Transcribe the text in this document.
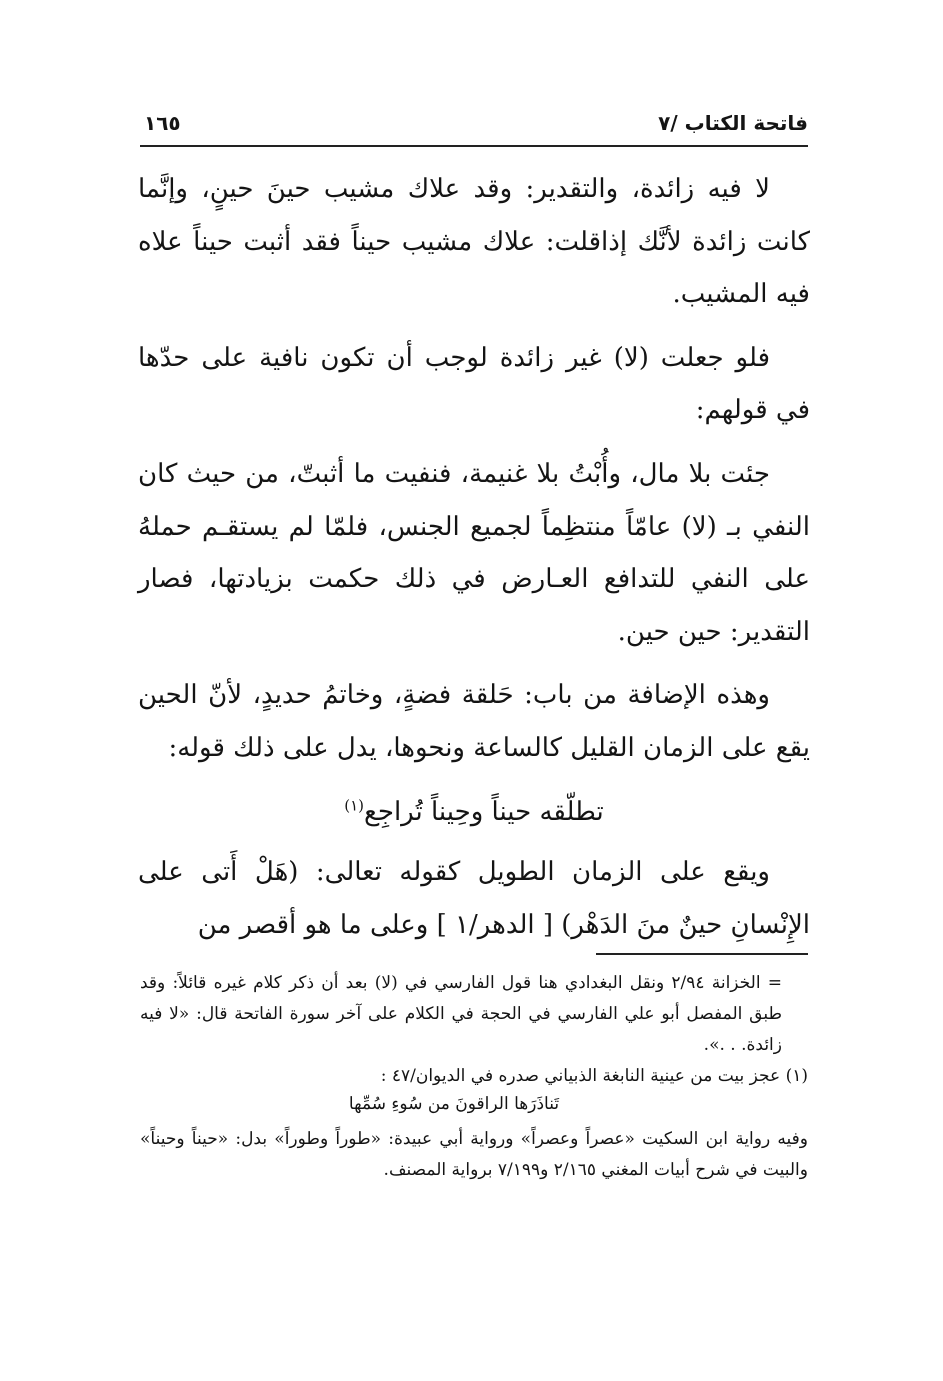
فاتحة الكتاب /٧
١٦٥

لا فيه زائدة، والتقدير: وقد علاك مشيب حينَ حينٍ، وإنَّما كانت زائدة لأنَّك إذاقلت: علاك مشيب حيناً فقد أثبت حيناً علاه فيه المشيب.

فلو جعلت (لا) غير زائدة لوجب أن تكون نافية على حدّها في قولهم:

جئت بلا مال، وأُبْتُ بلا غنيمة، فنفيت ما أثبتّ، من حيث كان النفي بـ (لا) عامّاً منتظِماً لجميع الجنس، فلمّا لم يستقـم حملهُ على النفي للتدافع العـارض في ذلك حكمت بزيادتها، فصار التقدير: حين حين.

وهذه الإضافة من باب: حَلقة فضةٍ، وخاتمُ حديدٍ، لأنّ الحين يقع على الزمان القليل كالساعة ونحوها، يدل على ذلك قوله:

تطلّقه حيناً وحِيناً تُراجِع$^{(١)}$

ويقع على الزمان الطويل كقوله تعالى: (هَلْ أَتى على الإِنْسانِ حينٌ منَ الدَهْر) [ الدهر/١ ] وعلى ما هو أقصر من

= الخزانة ٢/٩٤ ونقل البغدادي هنا قول الفارسي في (لا) بعد أن ذكر كلام غيره قائلاً: وقد طبق المفصل أبو علي الفارسي في الحجة في الكلام على آخر سورة الفاتحة قال: «لا فيه زائدة. . .».

(١) عجز بيت من عينية النابغة الذبياني صدره في الديوان/٤٧ :

تَناذَرَها الراقونَ من سُوءِ سُمِّها

وفيه رواية ابن السكيت «عصراً وعصراً» ورواية أبي عبيدة: «طوراً وطوراً» بدل: «حيناً وحيناً» والبيت في شرح أبيات المغني ٢/١٦٥ و٧/١٩٩ برواية المصنف.
